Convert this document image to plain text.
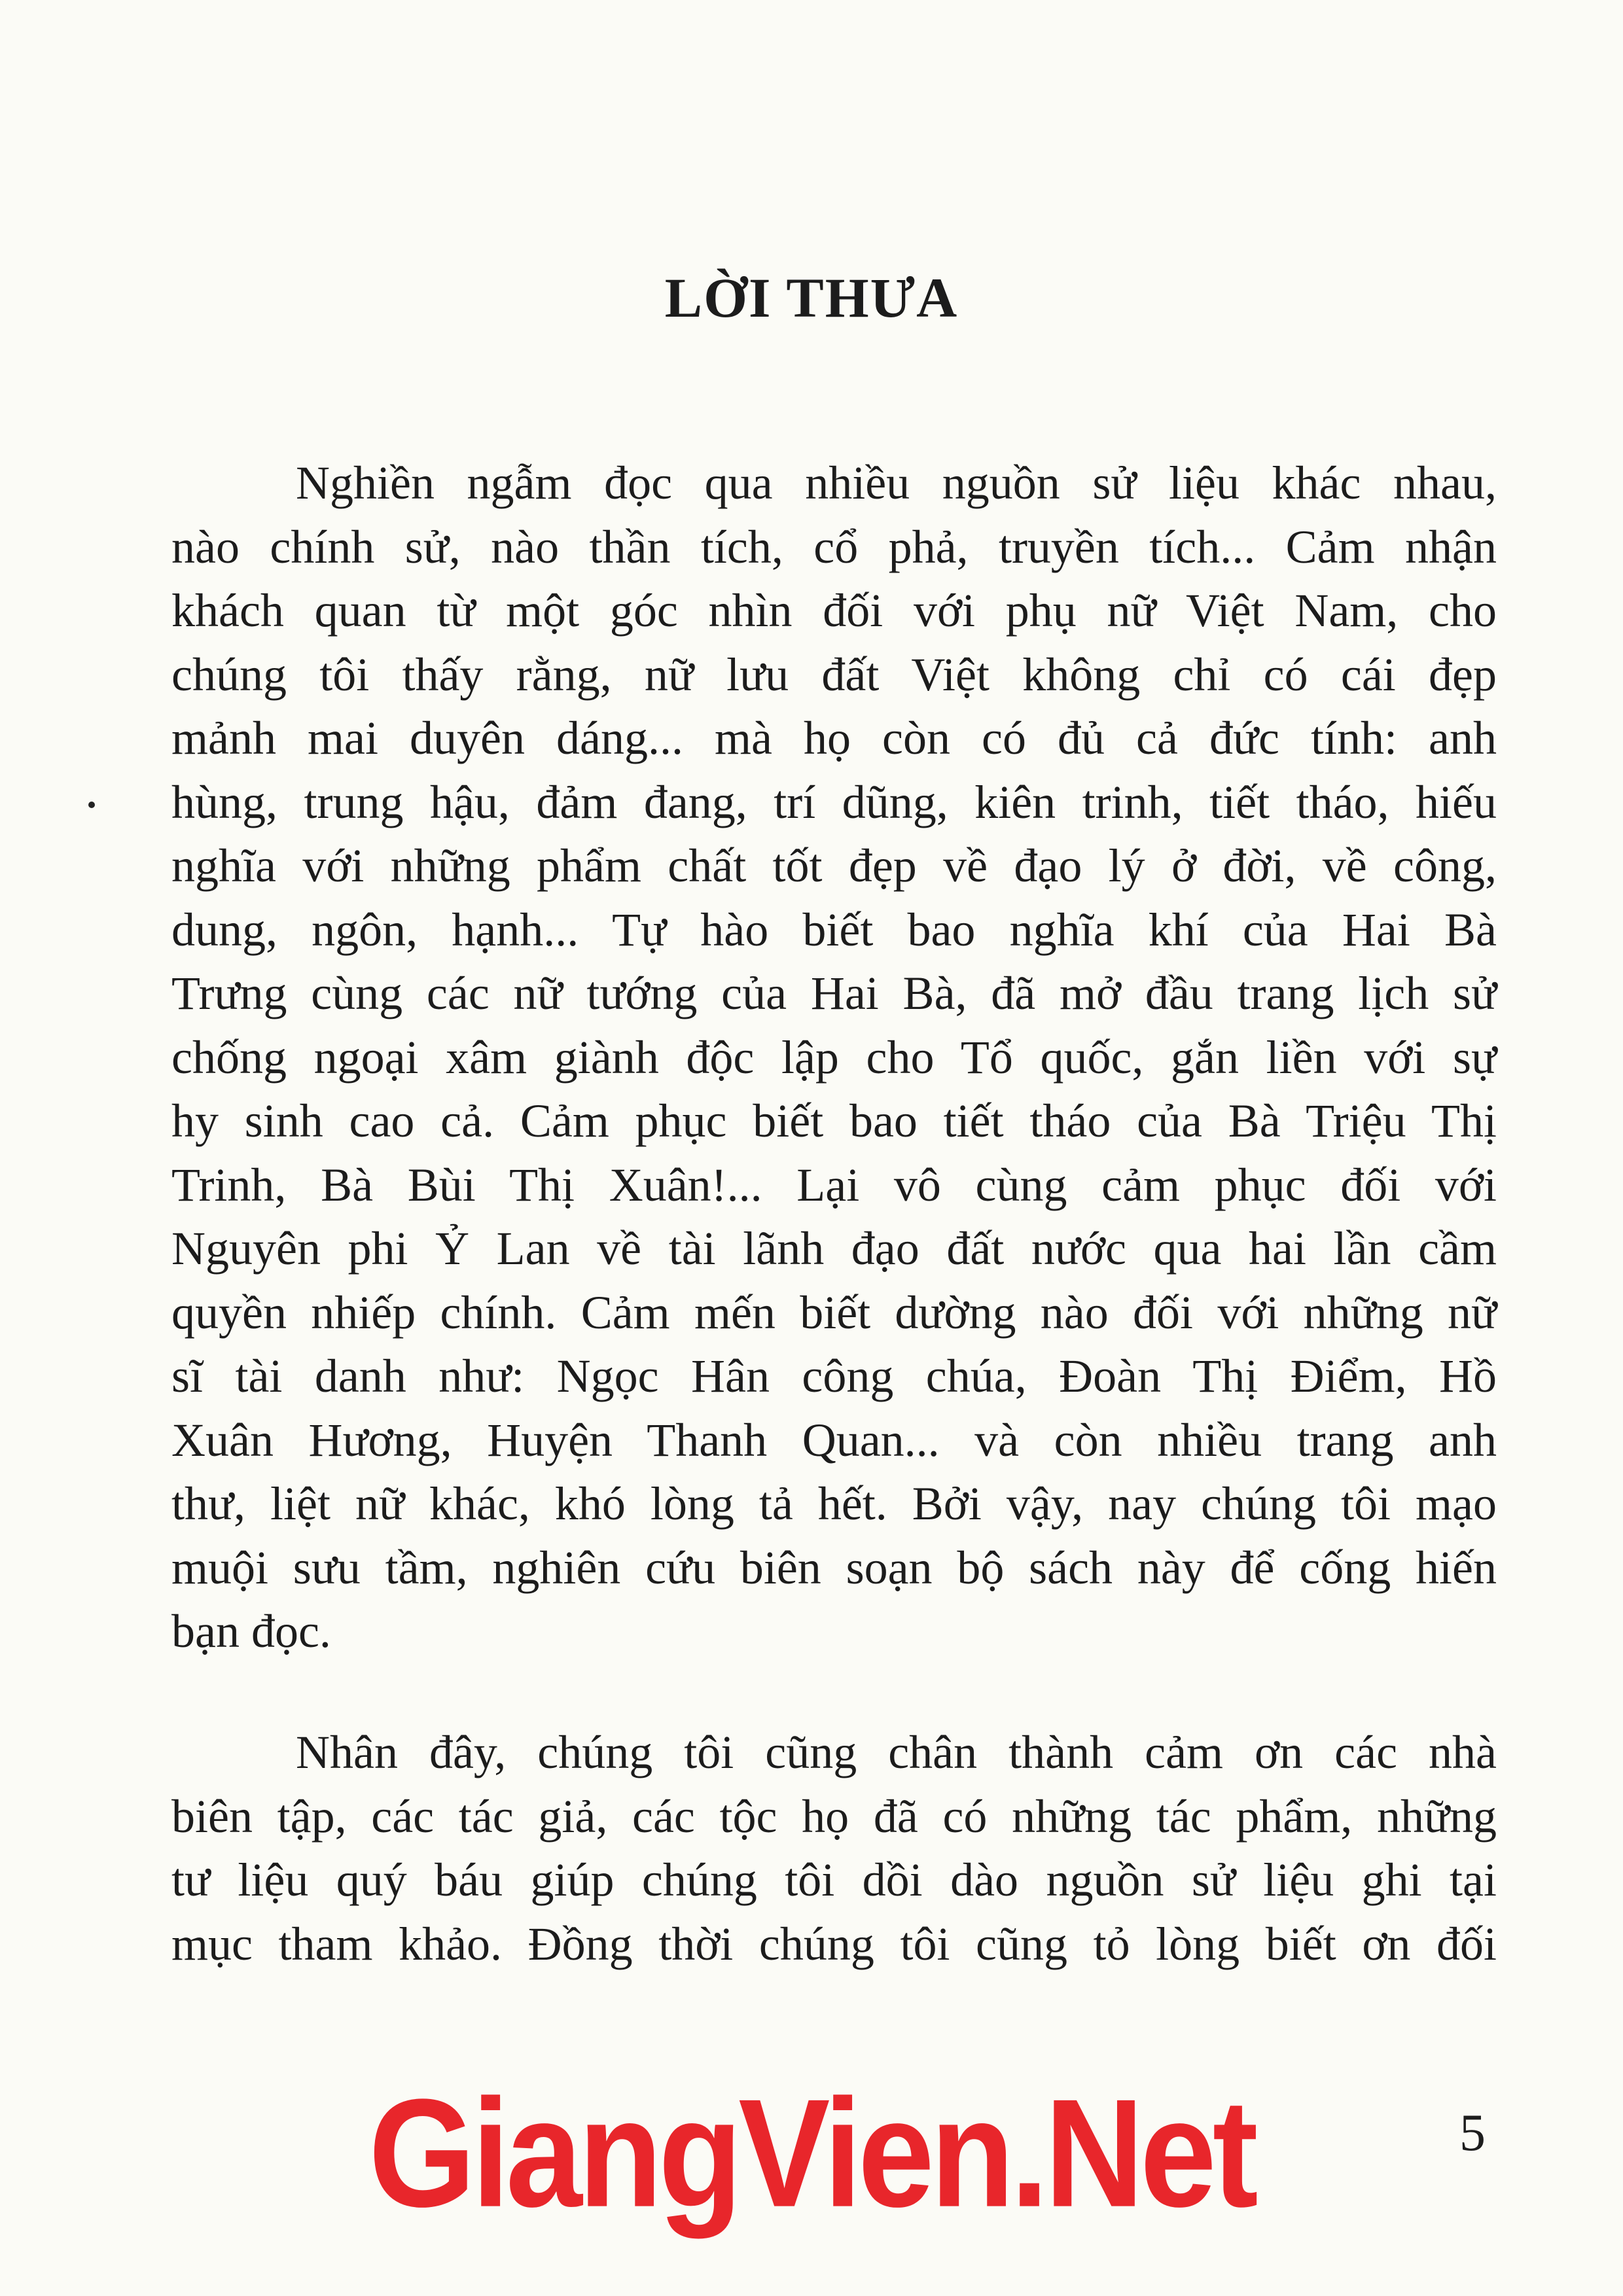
LỜI THƯA
Nghiền ngẫm đọc qua nhiều nguồn sử liệu khác nhau,
nào chính sử, nào thần tích, cổ phả, truyền tích... Cảm nhận
khách quan từ một góc nhìn đối với phụ nữ Việt Nam, cho
chúng tôi thấy rằng, nữ lưu đất Việt không chỉ có cái đẹp
mảnh mai duyên dáng... mà họ còn có đủ cả đức tính: anh
hùng, trung hậu, đảm đang, trí dũng, kiên trinh, tiết tháo, hiếu
nghĩa với những phẩm chất tốt đẹp về đạo lý ở đời, về công,
dung, ngôn, hạnh... Tự hào biết bao nghĩa khí của Hai Bà
Trưng cùng các nữ tướng của Hai Bà, đã mở đầu trang lịch sử
chống ngoại xâm giành độc lập cho Tổ quốc, gắn liền với sự
hy sinh cao cả. Cảm phục biết bao tiết tháo của Bà Triệu Thị
Trinh, Bà Bùi Thị Xuân!... Lại vô cùng cảm phục đối với
Nguyên phi Ỷ Lan về tài lãnh đạo đất nước qua hai lần cầm
quyền nhiếp chính. Cảm mến biết dường nào đối với những nữ
sĩ tài danh như: Ngọc Hân công chúa, Đoàn Thị Điểm, Hồ
Xuân Hương, Huyện Thanh Quan... và còn nhiều trang anh
thư, liệt nữ khác, khó lòng tả hết. Bởi vậy, nay chúng tôi mạo
muội sưu tầm, nghiên cứu biên soạn bộ sách này để cống hiến
bạn đọc.
Nhân đây, chúng tôi cũng chân thành cảm ơn các nhà
biên tập, các tác giả, các tộc họ đã có những tác phẩm, những
tư liệu quý báu giúp chúng tôi dồi dào nguồn sử liệu ghi tại
mục tham khảo. Đồng thời chúng tôi cũng tỏ lòng biết ơn đối
GiangVien.Net	5
